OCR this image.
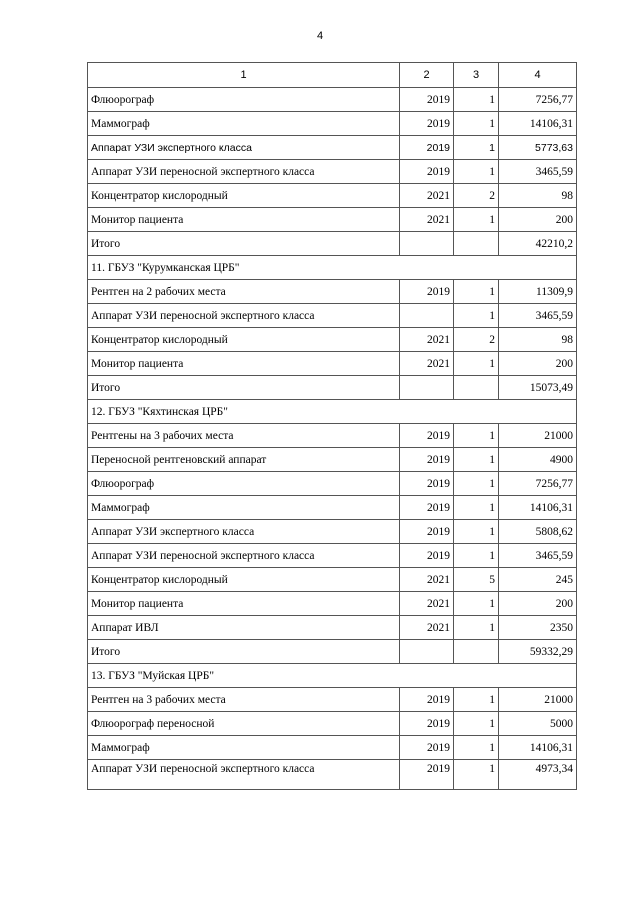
4
1	2	3	4
Флюорограф	2019	1	7256,77
Маммограф	2019	1	14106,31
Аппарат УЗИ экспертного класса	2019	1	5773,63
Аппарат УЗИ переносной экспертного класса	2019	1	3465,59
Концентратор кислородный	2021	2	98
Монитор пациента	2021	1	200
Итого			42210,2
11. ГБУЗ "Курумканская ЦРБ"			
Рентген на 2 рабочих места	2019	1	11309,9
Аппарат УЗИ переносной экспертного класса		1	3465,59
Концентратор кислородный	2021	2	98
Монитор пациента	2021	1	200
Итого			15073,49
12. ГБУЗ "Кяхтинская ЦРБ"			
Рентгены на 3 рабочих места	2019	1	21000
Переносной рентгеновский аппарат	2019	1	4900
Флюорограф	2019	1	7256,77
Маммограф	2019	1	14106,31
Аппарат УЗИ экспертного класса	2019	1	5808,62
Аппарат УЗИ переносной экспертного класса	2019	1	3465,59
Концентратор кислородный	2021	5	245
Монитор пациента	2021	1	200
Аппарат ИВЛ	2021	1	2350
Итого			59332,29
13. ГБУЗ "Муйская ЦРБ"			
Рентген на 3 рабочих места	2019	1	21000
Флюорограф переносной	2019	1	5000
Маммограф	2019	1	14106,31
Аппарат УЗИ переносной экспертного класса	2019	1	4973,34
